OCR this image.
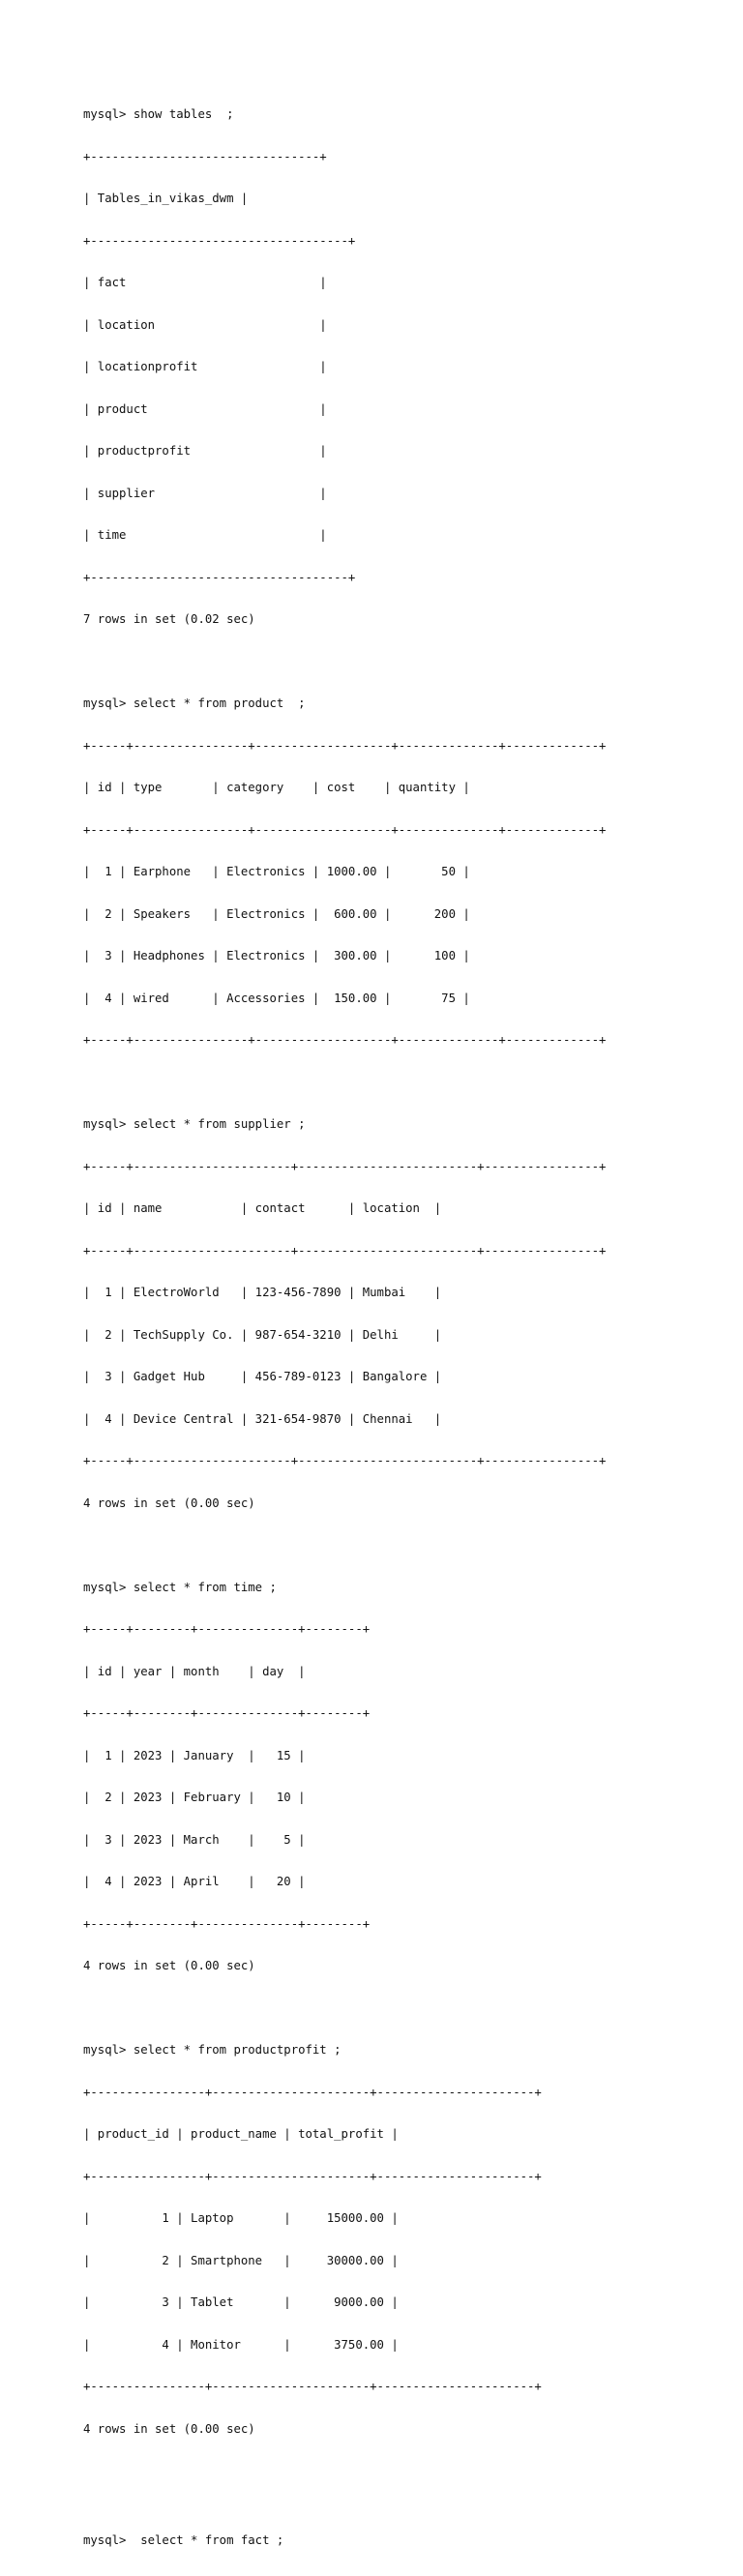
mysql> show tables  ;

+--------------------------------+

| Tables_in_vikas_dwm |

+------------------------------------+

| fact                           |

| location                       |

| locationprofit                 |

| product                        |

| productprofit                  |

| supplier                       |

| time                           |

+------------------------------------+

7 rows in set (0.02 sec)

mysql> select * from product  ;

+-----+----------------+-------------------+--------------+-------------+

| id | type       | category    | cost    | quantity |

+-----+----------------+-------------------+--------------+-------------+

|  1 | Earphone   | Electronics | 1000.00 |       50 |

|  2 | Speakers   | Electronics |  600.00 |      200 |

|  3 | Headphones | Electronics |  300.00 |      100 |

|  4 | wired      | Accessories |  150.00 |       75 |

+-----+----------------+-------------------+--------------+-------------+

mysql> select * from supplier ;

+-----+----------------------+-------------------------+----------------+

| id | name           | contact      | location  |

+-----+----------------------+-------------------------+----------------+

|  1 | ElectroWorld   | 123-456-7890 | Mumbai    |

|  2 | TechSupply Co. | 987-654-3210 | Delhi     |

|  3 | Gadget Hub     | 456-789-0123 | Bangalore |

|  4 | Device Central | 321-654-9870 | Chennai   |

+-----+----------------------+-------------------------+----------------+

4 rows in set (0.00 sec)

mysql> select * from time ;

+-----+--------+--------------+--------+

| id | year | month    | day  |

+-----+--------+--------------+--------+

|  1 | 2023 | January  |   15 |

|  2 | 2023 | February |   10 |

|  3 | 2023 | March    |    5 |

|  4 | 2023 | April    |   20 |

+-----+--------+--------------+--------+

4 rows in set (0.00 sec)

mysql> select * from productprofit ;

+----------------+----------------------+----------------------+

| product_id | product_name | total_profit |

+----------------+----------------------+----------------------+

|          1 | Laptop       |     15000.00 |

|          2 | Smartphone   |     30000.00 |

|          3 | Tablet       |      9000.00 |

|          4 | Monitor      |      3750.00 |

+----------------+----------------------+----------------------+

4 rows in set (0.00 sec)

mysql>  select * from fact ;
